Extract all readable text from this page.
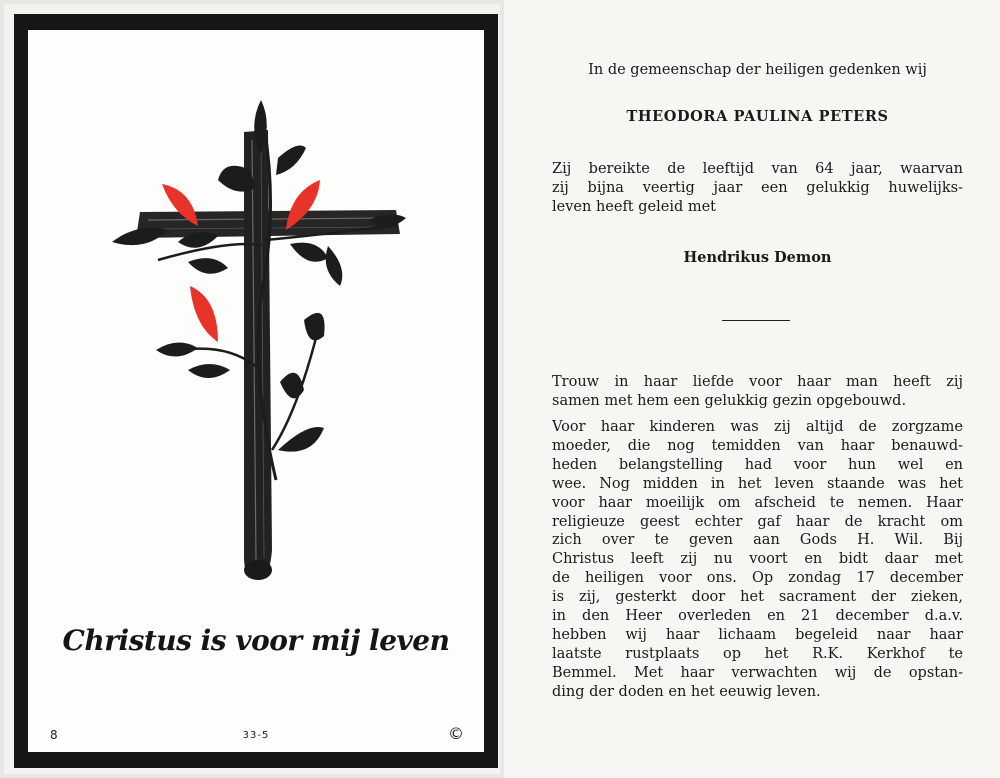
Christus is voor mij leven

8	33-5	©

In de gemeenschap der heiligen gedenken wij

THEODORA PAULINA PETERS

Zij bereikte de leeftijd van 64 jaar, waarvan

zij bijna veertig jaar een gelukkig huwelijks-

leven heeft geleid met

Hendrikus Demon

Trouw in haar liefde voor haar man heeft zij

samen met hem een gelukkig gezin opgebouwd.

Voor haar kinderen was zij altijd de zorgzame

moeder, die nog temidden van haar benauwd-

heden belangstelling had voor hun wel en

wee. Nog midden in het leven staande was het

voor haar moeilijk om afscheid te nemen. Haar

religieuze geest echter gaf haar de kracht om

zich over te geven aan Gods H. Wil. Bij

Christus leeft zij nu voort en bidt daar met

de heiligen voor ons. Op zondag 17 december

is zij, gesterkt door het sacrament der zieken,

in den Heer overleden en 21 december d.a.v.

hebben wij haar lichaam begeleid naar haar

laatste rustplaats op het R.K. Kerkhof te

Bemmel. Met haar verwachten wij de opstan-

ding der doden en het eeuwig leven.
